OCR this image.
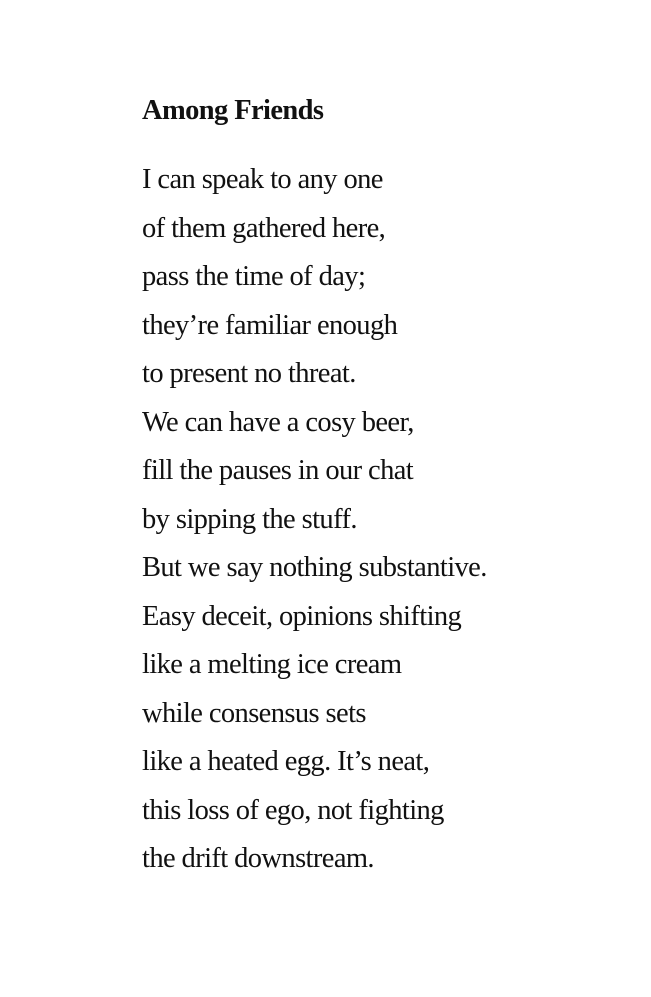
Among Friends
I can speak to any one
of them gathered here,
pass the time of day;
they’re familiar enough
to present no threat.
We can have a cosy beer,
fill the pauses in our chat
by sipping the stuff.
But we say nothing substantive.
Easy deceit, opinions shifting
like a melting ice cream
while consensus sets
like a heated egg. It’s neat,
this loss of ego, not fighting
the drift downstream.
